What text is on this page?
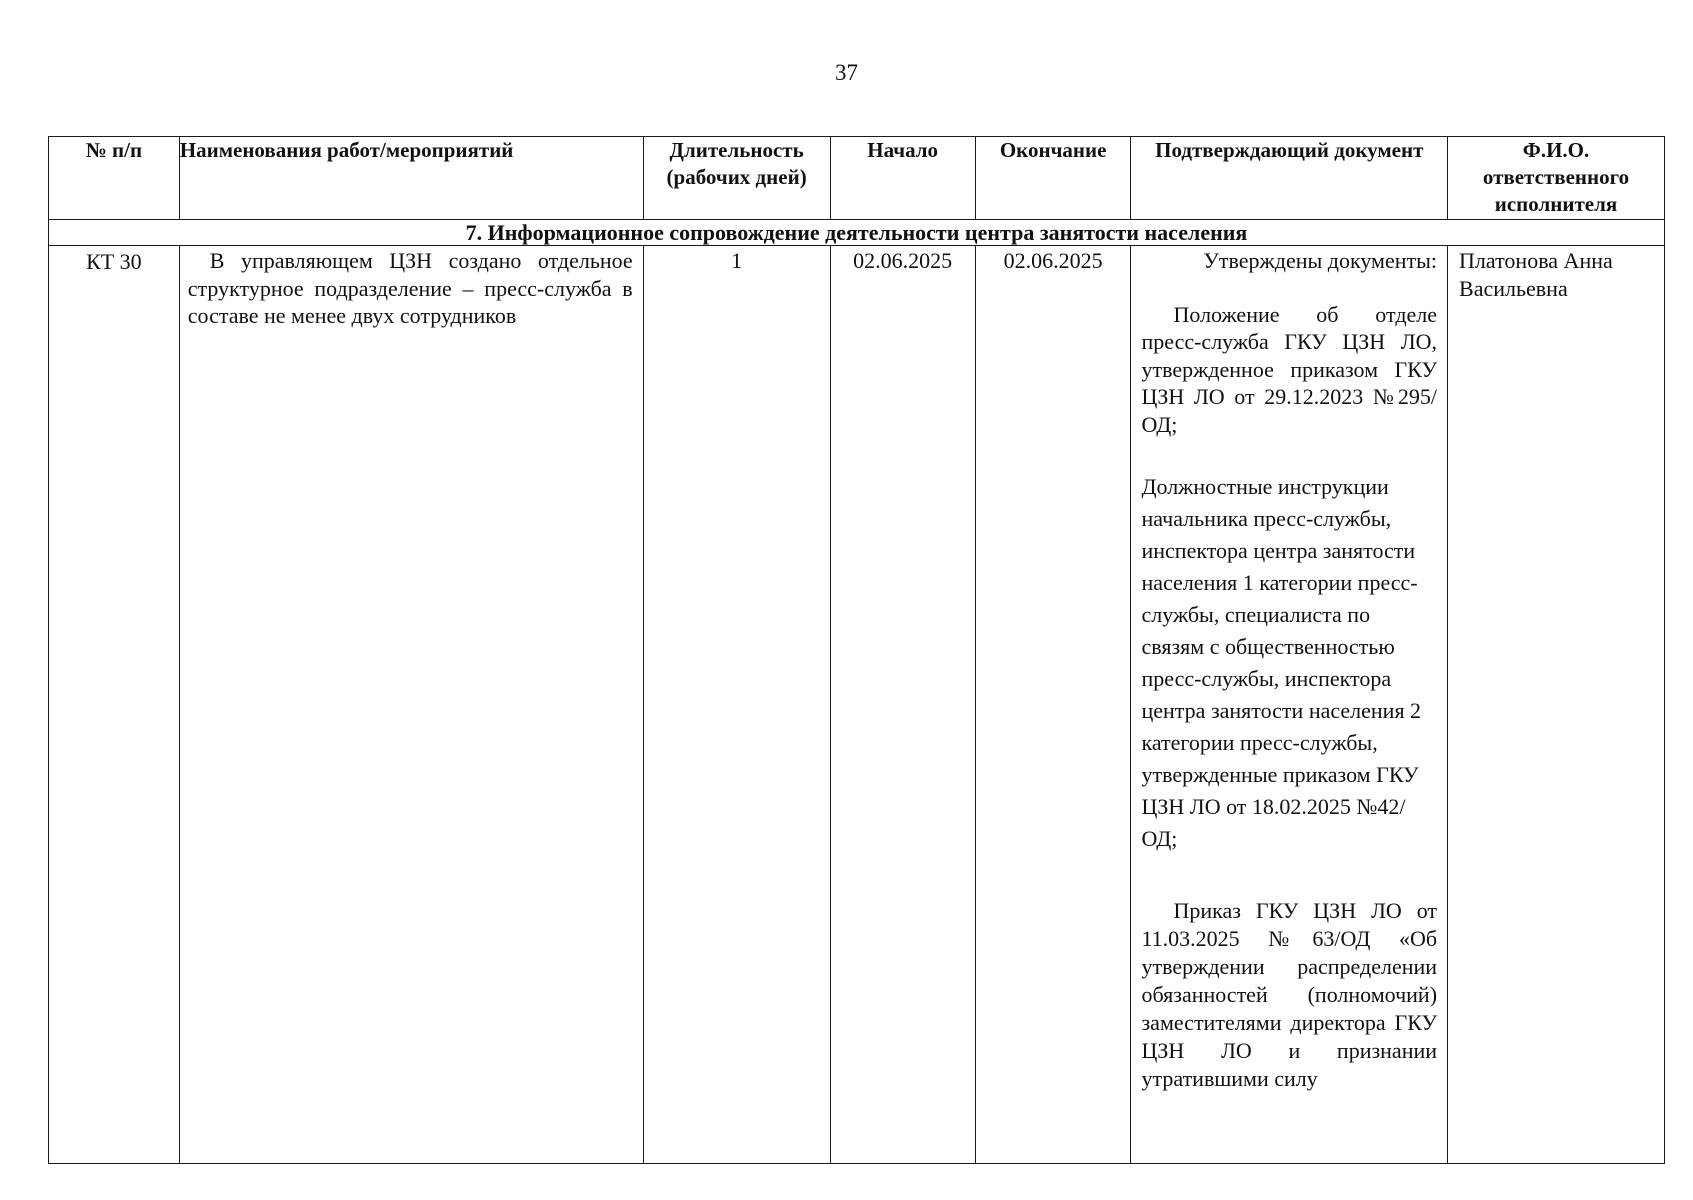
37
№ п/п	Наименования работ/мероприятий	Длительность (рабочих дней)	Начало	Окончание	Подтверждающий документ	Ф.И.О. ответственного исполнителя
7. Информационное сопровождение деятельности центра занятости населения						
КТ 30	В управляющем ЦЗН создано отдельное структурное подразделение – пресс-служба в составе не менее двух сотрудников	1	02.06.2025	02.06.2025	Утверждены документы:

Положение об отделе пресс-служба ГКУ ЦЗН ЛО, утвержденное приказом ГКУ ЦЗН ЛО от 29.12.2023 №295/ОД;

Должностные инструкции начальника пресс-службы, инспектора центра занятости населения 1 категории пресс-службы, специалиста по связям с общественностью пресс-службы, инспектора центра занятости населения 2 категории пресс-службы, утвержденные приказом ГКУ ЦЗН ЛО от 18.02.2025 №42/ОД;

Приказ ГКУ ЦЗН ЛО от 11.03.2025 №63/ОД «Об утверждении распределении обязанностей (полномочий) заместителями директора ГКУ ЦЗН ЛО и признании утратившими силу	Платонова Анна Васильевна
